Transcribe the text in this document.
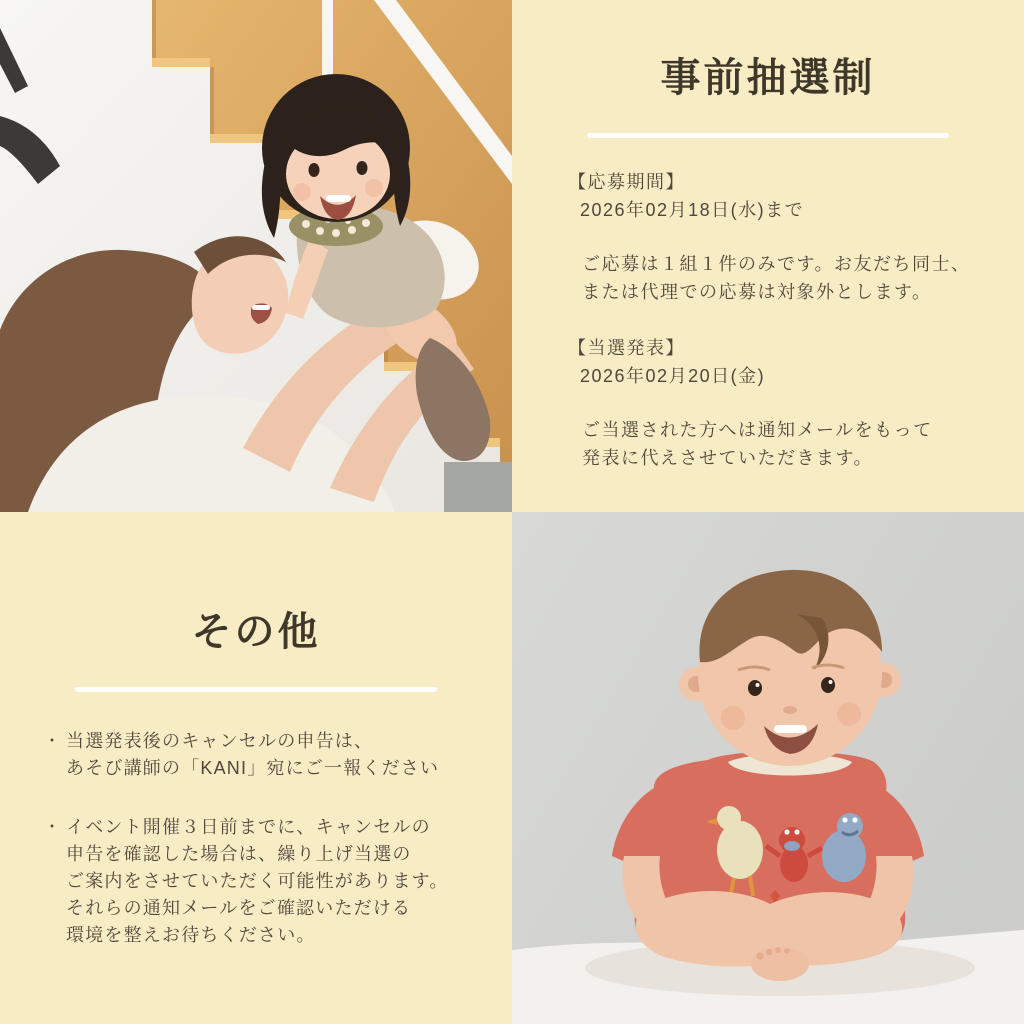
事前抽選制

【応募期間】

2026年02月18日(水)まで

ご応募は１組１件のみです。お友だち同士、

または代理での応募は対象外とします。

【当選発表】

2026年02月20日(金)

ご当選された方へは通知メールをもって

発表に代えさせていただきます。

その他
・ 当選発表後のキャンセルの申告は、
あそび講師の「KANI」宛にご一報ください
・ イベント開催３日前までに、キャンセルの
申告を確認した場合は、繰り上げ当選の
ご案内をさせていただく可能性があります。
それらの通知メールをご確認いただける
環境を整えお待ちください。
